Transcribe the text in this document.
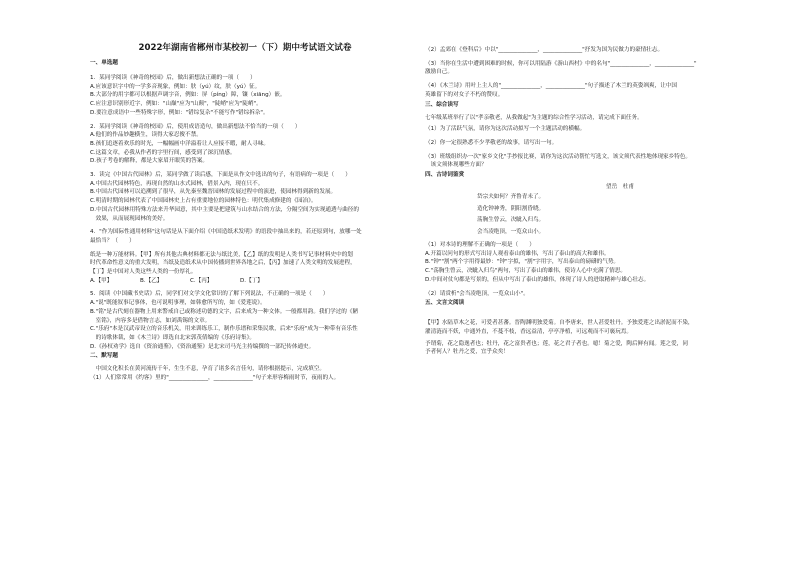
2022年湖南省郴州市某校初一（下）期中考试语文试卷
一、单选题
1．某同学阅读《神奇的校园》后，做出新想法正确的一项（　　）
A.应该意识字中的一学多音现象，例如：肤（yú）纹，肤（yú）征。
B.大部分的用字都可以根据声调字音，例如：屏（píng）障，镶（xiāng）嵌。
C.应注意识别形近字，例如："山巅"应为"山颠"，"陡峭"应为"陡峭"。
D.要注意成语中一些特殊字形，例如："错综复杂"不能写作"错综拆杂"。
2．某同学阅读《神奇的校园》后，使用成语造句，做出新想法不恰当的一项（　　）
A.他们的作品妙趣横生，读得大家忍俊不禁。
B.孩们追逐着欢乐的时光，一幅幅画中洋溢着让人应接不暇，耐人寻味。
C.这篇文章，必我从作者的字里行间，感受到了深沉情感。
D.孩子考卷的解释，都是大家眉开眼笑的答案。
3．读完《中国古代园林》后，某同学做了读后感，下面是从作文中选出的句子，有语病的一项是（　　）
A.中国古代园林特色，再现自然的山水式园林，借景入内，现在只不。
B.中国古代园林可以追溯到了很早，从先秦至魏晋园林的发展过程中的演进，使园林得到新的发展。
C.明清时期的园林代表了中国园林史上占有重要地位的园林特色：明代集成修建的《园冶》。
D.中国古代园林用特殊方法来升华园意，其中主要是把建筑与山水结合的方法，分隔空间为实现通透与曲径的
　效果，从而展现园林的美好。
4．"作为国际性通用材料"这句话是从下面介绍《中国造纸术发明》的语段中抽出来的，若还原到句，放哪一处
最恰当？（　　）
纸是一种万能材料。【甲】所有其他古典材料都无法与纸比美，【乙】纸的发明是人类书写记事材料史中的划
时代革命性意义的重大发明，当纸及造纸术从中国传播到世界各地之后，【丙】加速了人类文明的发展进程，
【丁】是中国对人类这些人类的一份厚礼。
A.【甲】	B.【乙】	C.【丙】	D.【丁】
5．阅读《中国藏书史话》后，同学们对文学文化常识的了解下列说法，不正确的一项是（　　）
A."说"既能叙事记事体，也可说明事理，如韩愈所写的，如《爱莲说》。
B."铭"是古代刻在器物上用来警戒自己或称述功德的文字，后来成为一种文体。一般都用韵。我们学过的《陋
　室铭》，内容多是借物言志，如刘禹锡的文章。
C."乐府"本是汉武帝设立的音乐机关，用来训练乐工，制作乐谱和采集民歌，后来"乐府"成为一种带有音乐性
　的诗歌体裁，如《木兰诗》即选自北宋郭茂倩编的《乐府诗集》。
D.《孙权劝学》选自《资治通鉴》，《资治通鉴》是北宋司马光主持编撰的一部纪传体通史。
二、默写题
　中国文化积长在黄河流传千年，生生不息，孕育了诸多名言佳句，请你根据提示，完成填空。
（1）人们常常用《约客》里的"______________，______________"句子来形容梅雨时节，夜雨的人。
（2）孟郊在《登科后》中以"______________，______________"抒发为国为民做力的豪情壮志。
（3）当你在生活中遭到困难的时候，你可以用陆游《游山西村》中的名句"______________，______________"
激励自己。
（4）《木兰诗》用叶上主人的"______________，______________"句子描述了木兰的英姿飒爽，让中国
英雄留下的对女子不朽的赞叹。
三、综合读写
七年级某班举行了以"孝亲敬老，从我做起"为主题的综合性学习活动，请完成下面任务。
（1）为了活跃气氛，请你为这次活动拟写一个主题活动的横幅。
（2）你一定很熟悉不少孝敬老的故事，请写出一句。
（3）班级组织办一次"家乡文化"手抄报比赛，请你为这次活动帮忙写选文，该文须代表性地体现家乡特色。
　该文须体现哪些方面？
四、古诗词鉴赏
望岳　杜甫
岱宗夫如何？齐鲁青未了。
造化钟神秀，阴阳割昏晓。
荡胸生曾云，决眦入归鸟。
会当凌绝顶，一览众山小。
（1）对本诗的理解不正确的一项是（　　）
A.开篇以问句的形式写出诗人观看泰山的雄伟，写出了泰山的高大和雄伟。
B."钟""割"两个字用得最妙："钟"字拟，"割"字用字，写出泰山的磅礴的气势。
C."荡胸生曾云，决眦入归鸟"两句，写出了泰山的雄伟，使诗人心中充满了情思。
D.中间对仗句都是写景的，但从中写出了泰山的雄伟，体现了诗人的进取精神与雄心壮志。
（2）请赏析"会当凌绝顶，一览众山小"。
五、文言文阅读
【甲】水陆草木之花，可爱者甚蕃。晋陶渊明独爱菊。自李唐来，世人甚爱牡丹。予独爱莲之出淤泥而不染，
濯清涟而不妖，中通外直，不蔓不枝，香远益清，亭亭净植，可远观而不可亵玩焉。
予谓菊，花之隐逸者也；牡丹，花之富贵者也；莲，花之君子者也。噫！菊之爱，陶后鲜有闻。莲之爱，同
予者何人？牡丹之爱，宜乎众矣！
